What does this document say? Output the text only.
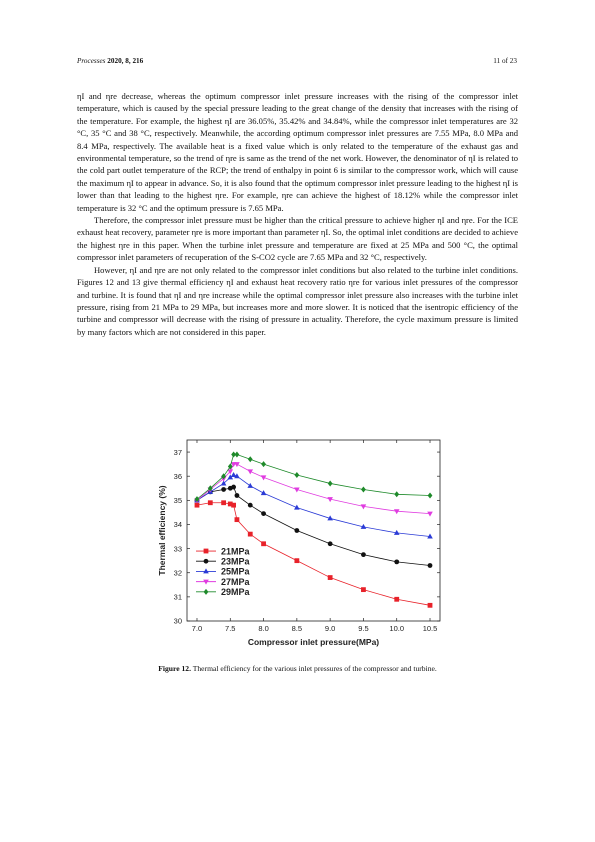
Processes 2020, 8, 216	11 of 23

ηI and ηre decrease, whereas the optimum compressor inlet pressure increases with the rising of the compressor inlet temperature, which is caused by the special pressure leading to the great change of the density that increases with the rising of the temperature. For example, the highest ηI are 36.05%, 35.42% and 34.84%, while the compressor inlet temperatures are 32 °C, 35 °C and 38 °C, respectively. Meanwhile, the according optimum compressor inlet pressures are 7.55 MPa, 8.0 MPa and 8.4 MPa, respectively. The available heat is a fixed value which is only related to the temperature of the exhaust gas and environmental temperature, so the trend of ηre is same as the trend of the net work. However, the denominator of ηI is related to the cold part outlet temperature of the RCP; the trend of enthalpy in point 6 is similar to the compressor work, which will cause the maximum ηI to appear in advance. So, it is also found that the optimum compressor inlet pressure leading to the highest ηI is lower than that leading to the highest ηre. For example, ηre can achieve the highest of 18.12% while the compressor inlet temperature is 32 °C and the optimum pressure is 7.65 MPa.

Therefore, the compressor inlet pressure must be higher than the critical pressure to achieve higher ηI and ηre. For the ICE exhaust heat recovery, parameter ηre is more important than parameter ηI. So, the optimal inlet conditions are decided to achieve the highest ηre in this paper. When the turbine inlet pressure and temperature are fixed at 25 MPa and 500 °C, the optimal compressor inlet parameters of recuperation of the S-CO2 cycle are 7.65 MPa and 32 °C, respectively.

However, ηI and ηre are not only related to the compressor inlet conditions but also related to the turbine inlet conditions. Figures 12 and 13 give thermal efficiency ηI and exhaust heat recovery ratio ηre for various inlet pressures of the compressor and turbine. It is found that ηI and ηre increase while the optimal compressor inlet pressure also increases with the turbine inlet pressure, rising from 21 MPa to 29 MPa, but increases more and more slower. It is noticed that the isentropic efficiency of the turbine and compressor will decrease with the rising of pressure in actuality. Therefore, the cycle maximum pressure is limited by many factors which are not considered in this paper.

7.0	7.5	8.0	8.5	9.0	9.5	10.0 10.5
30
31
32
33
34
35
36
37
Compressor inlet pressure(MPa)
Thermal efficiency (%)	21MPa
23MPa
25MPa
27MPa
29MPa
Figure 12. Thermal efficiency for the various inlet pressures of the compressor and turbine.
